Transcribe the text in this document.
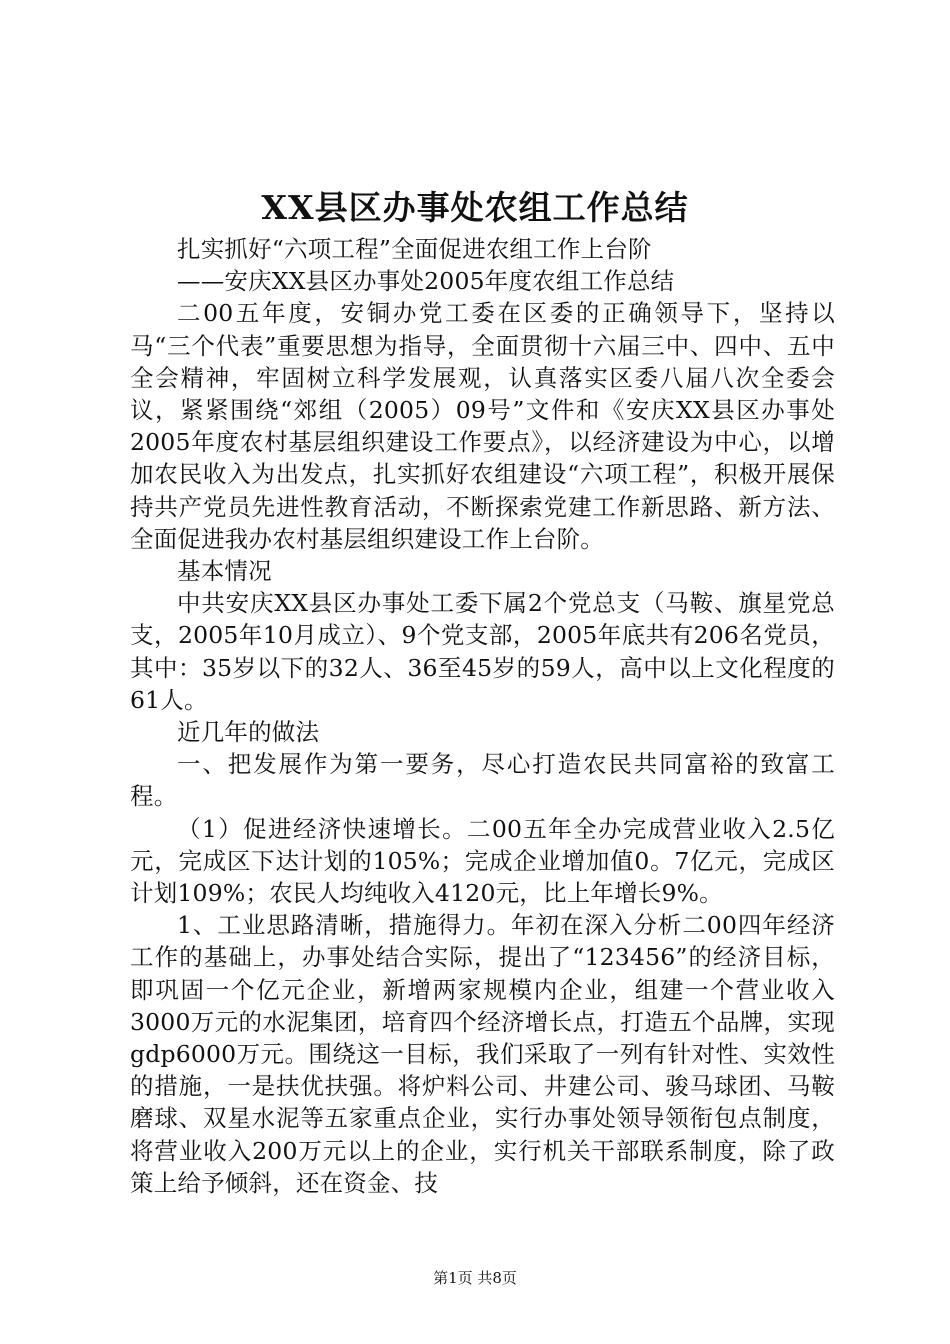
XX县区办事处农组工作总结

扎实抓好“六项工程”全面促进农组工作上台阶

——安庆XX县区办事处2005年度农组工作总结

二00五年度，安铜办党工委在区委的正确领导下，坚持以马“三个代表”重要思想为指导，全面贯彻十六届三中、四中、五中全会精神，牢固树立科学发展观，认真落实区委八届八次全委会议，紧紧围绕“郊组（2005）09号”文件和《安庆XX县区办事处2005年度农村基层组织建设工作要点》，以经济建设为中心，以增加农民收入为出发点，扎实抓好农组建设“六项工程”，积极开展保持共产党员先进性教育活动，不断探索党建工作新思路、新方法、全面促进我办农村基层组织建设工作上台阶。

基本情况

中共安庆XX县区办事处工委下属2个党总支（马鞍、旗星党总支，2005年10月成立）、9个党支部，2005年底共有206名党员，其中：35岁以下的32人、36至45岁的59人，高中以上文化程度的61人。

近几年的做法

一、把发展作为第一要务，尽心打造农民共同富裕的致富工程。

（1）促进经济快速增长。二00五年全办完成营业收入2.5亿元，完成区下达计划的105%；完成企业增加值0。7亿元，完成区计划109%；农民人均纯收入4120元，比上年增长9%。

1、工业思路清晰，措施得力。年初在深入分析二00四年经济工作的基础上，办事处结合实际，提出了“123456”的经济目标，即巩固一个亿元企业，新增两家规模内企业，组建一个营业收入3000万元的水泥集团，培育四个经济增长点，打造五个品牌，实现gdp6000万元。围绕这一目标，我们采取了一列有针对性、实效性的措施，一是扶优扶强。将炉料公司、井建公司、骏马球团、马鞍磨球、双星水泥等五家重点企业，实行办事处领导领衔包点制度，将营业收入200万元以上的企业，实行机关干部联系制度，除了政策上给予倾斜，还在资金、技

第1页 共8页
